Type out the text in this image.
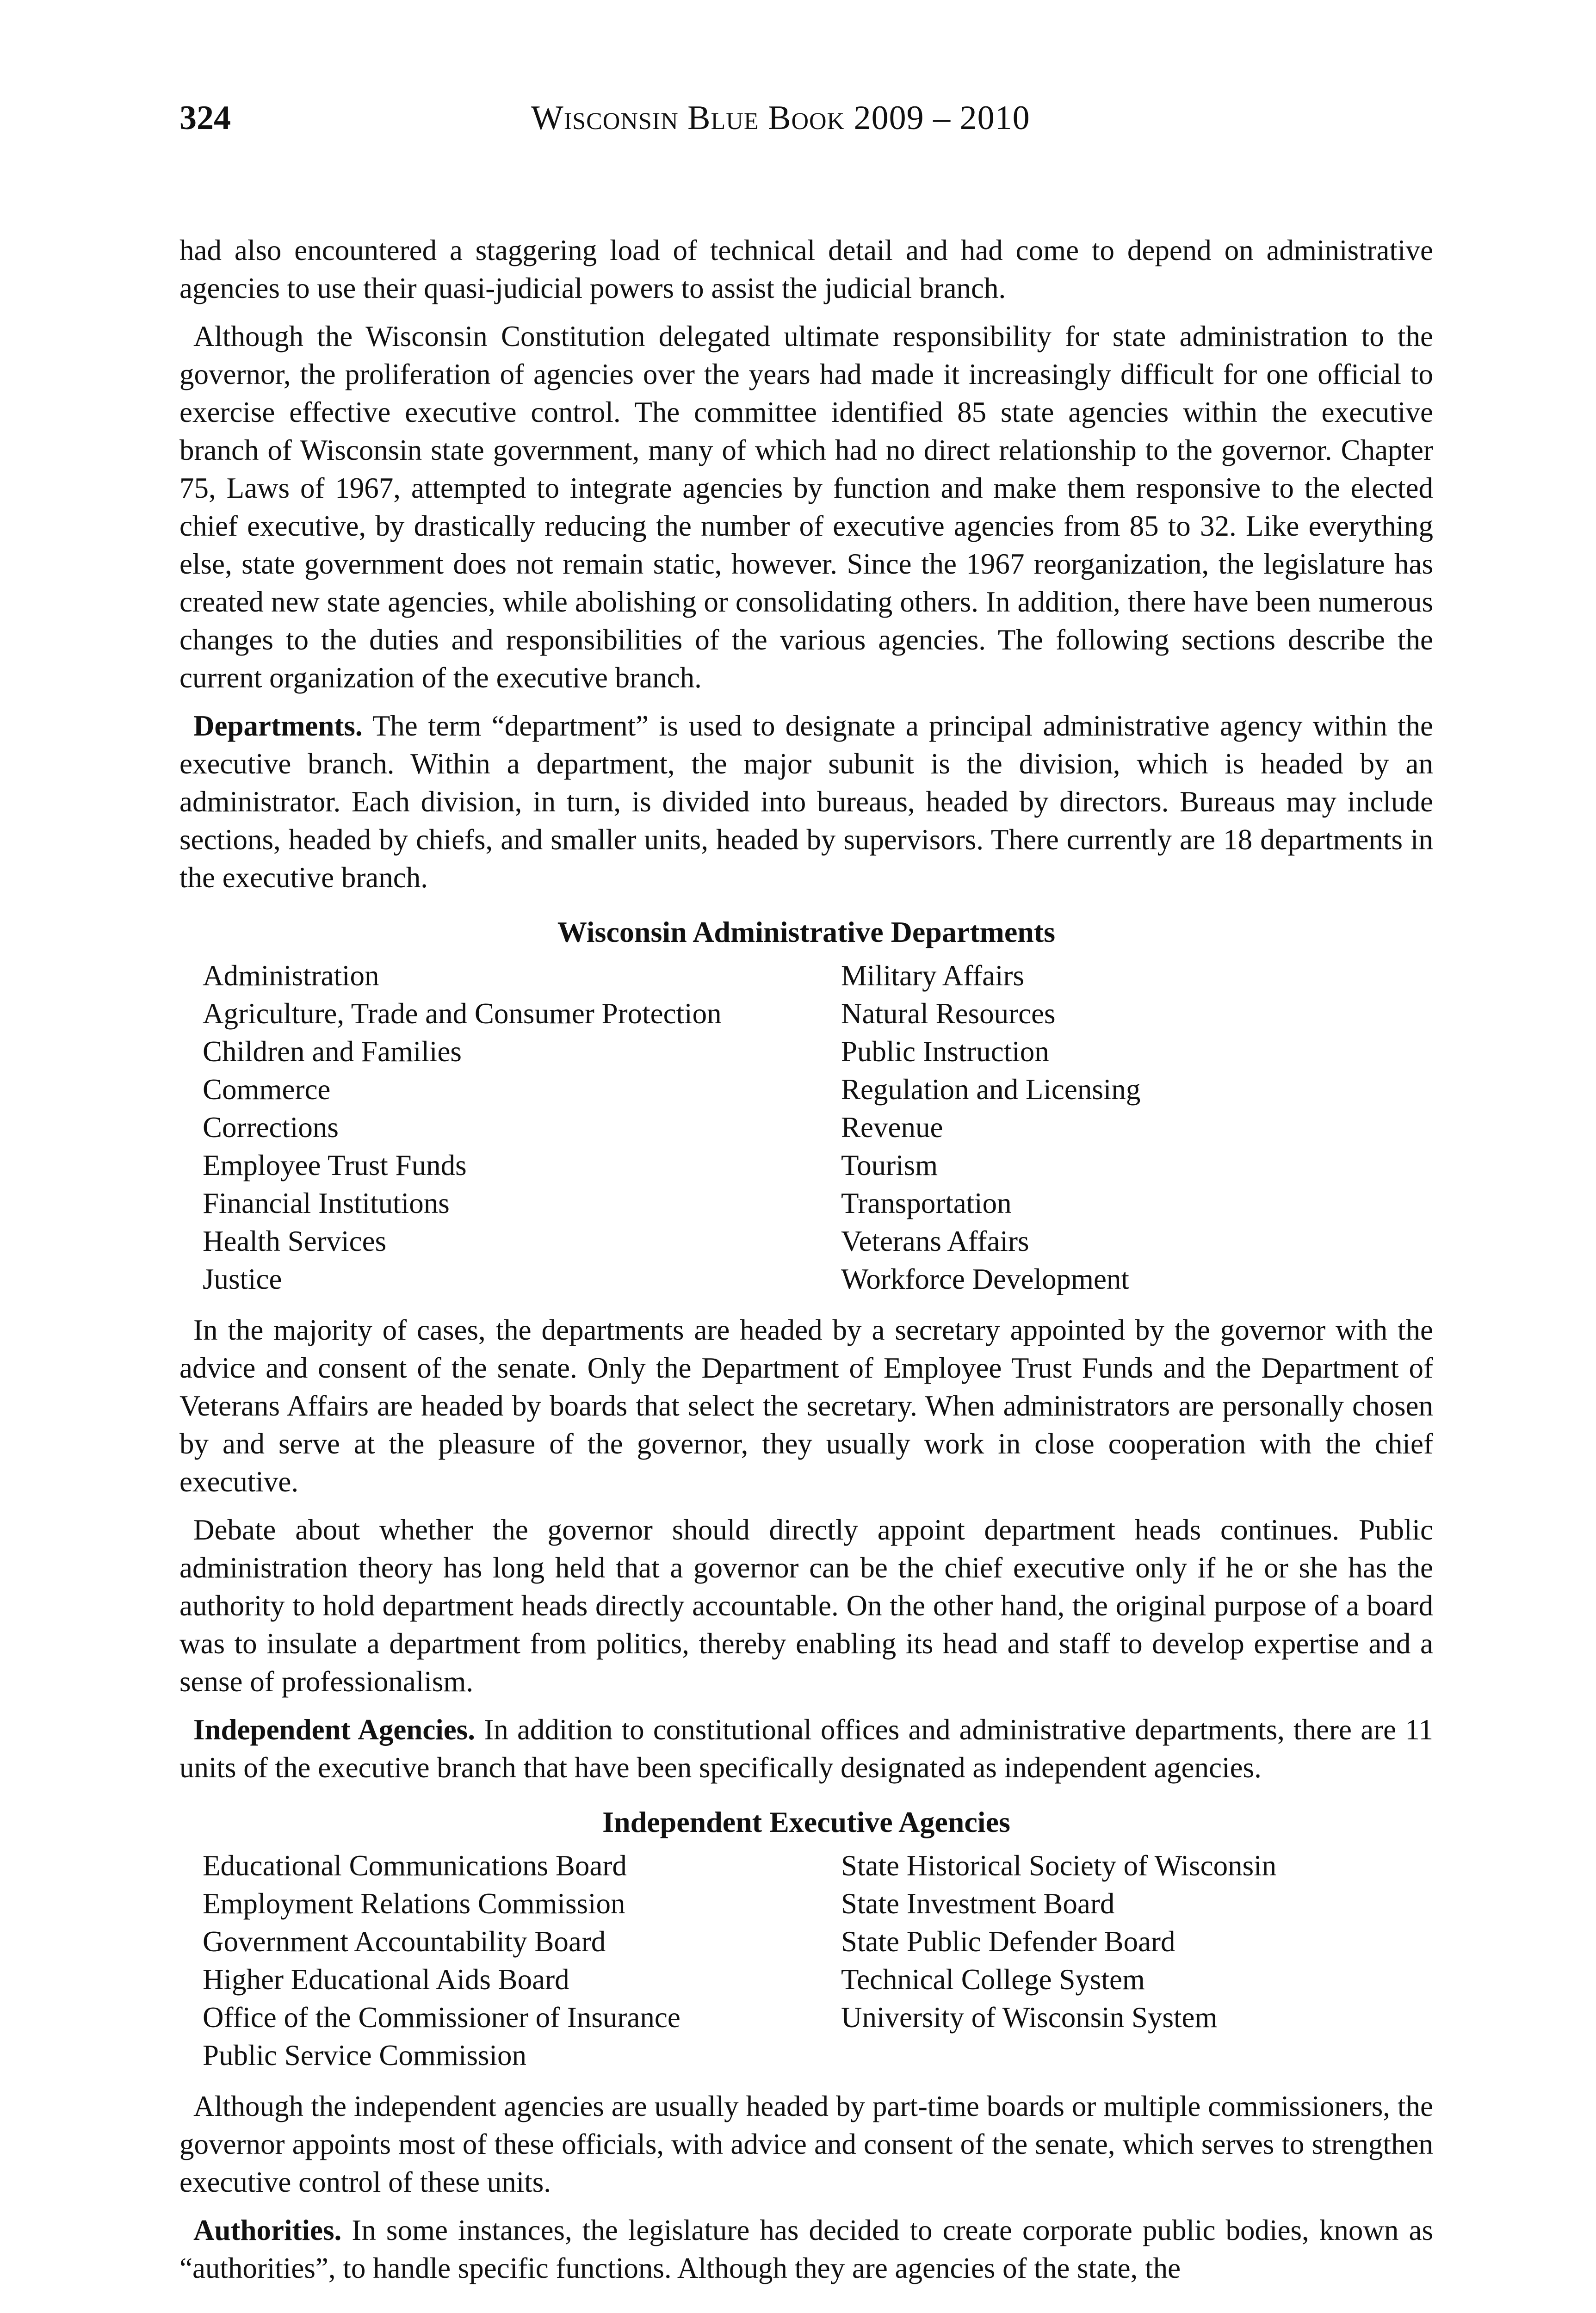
324	Wisconsin Blue Book 2009 – 2010

had also encountered a staggering load of technical detail and had come to depend on administrative agencies to use their quasi-judicial powers to assist the judicial branch.

Although the Wisconsin Constitution delegated ultimate responsibility for state administration to the governor, the proliferation of agencies over the years had made it increasingly difficult for one official to exercise effective executive control. The committee identified 85 state agencies within the executive branch of Wisconsin state government, many of which had no direct relationship to the governor. Chapter 75, Laws of 1967, attempted to integrate agencies by function and make them responsive to the elected chief executive, by drastically reducing the number of executive agencies from 85 to 32. Like everything else, state government does not remain static, however. Since the 1967 reorganization, the legislature has created new state agencies, while abolishing or consolidating others. In addition, there have been numerous changes to the duties and responsibilities of the various agencies. The following sections describe the current organization of the executive branch.

Departments. The term “department” is used to designate a principal administrative agency within the executive branch. Within a department, the major subunit is the division, which is headed by an administrator. Each division, in turn, is divided into bureaus, headed by directors. Bureaus may include sections, headed by chiefs, and smaller units, headed by supervisors. There currently are 18 departments in the executive branch.

Wisconsin Administrative Departments
Administration	Military Affairs
Agriculture, Trade and Consumer Protection	Natural Resources
Children and Families	Public Instruction
Commerce	Regulation and Licensing
Corrections	Revenue
Employee Trust Funds	Tourism
Financial Institutions	Transportation
Health Services	Veterans Affairs
Justice	Workforce Development

In the majority of cases, the departments are headed by a secretary appointed by the governor with the advice and consent of the senate. Only the Department of Employee Trust Funds and the Department of Veterans Affairs are headed by boards that select the secretary. When administrators are personally chosen by and serve at the pleasure of the governor, they usually work in close cooperation with the chief executive.

Debate about whether the governor should directly appoint department heads continues. Public administration theory has long held that a governor can be the chief executive only if he or she has the authority to hold department heads directly accountable. On the other hand, the original purpose of a board was to insulate a department from politics, thereby enabling its head and staff to develop expertise and a sense of professionalism.

Independent Agencies. In addition to constitutional offices and administrative departments, there are 11 units of the executive branch that have been specifically designated as independent agencies.

Independent Executive Agencies
Educational Communications Board	State Historical Society of Wisconsin
Employment Relations Commission	State Investment Board
Government Accountability Board	State Public Defender Board
Higher Educational Aids Board	Technical College System
Office of the Commissioner of Insurance	University of Wisconsin System
Public Service Commission

Although the independent agencies are usually headed by part-time boards or multiple commissioners, the governor appoints most of these officials, with advice and consent of the senate, which serves to strengthen executive control of these units.

Authorities. In some instances, the legislature has decided to create corporate public bodies, known as “authorities”, to handle specific functions. Although they are agencies of the state, the
